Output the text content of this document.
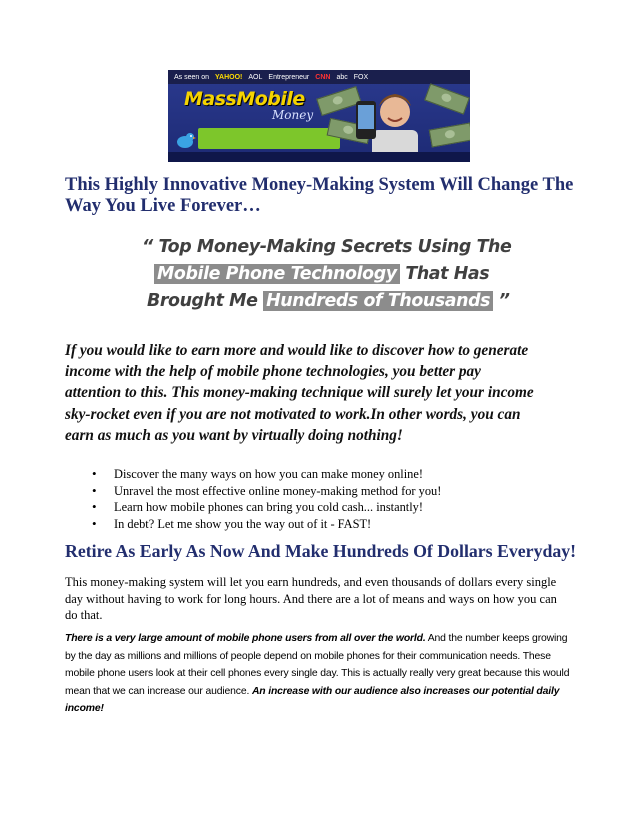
As seen on YAHOO! AOL Entrepreneur CNN abc FOX
MassMobile
Money
This Highly Innovative Money-Making System Will Change The Way You Live Forever…
“ Top Money-Making Secrets Using The
Mobile Phone Technology That Has
Brought Me Hundreds of Thousands ”

If you would like to earn more and would like to discover how to generate income with the help of mobile phone technologies, you better pay attention to this. This money-making technique will surely let your income sky-rocket even if you are not motivated to work.In other words, you can earn as much as you want by virtually doing nothing!

• Discover the many ways on how you can make money online!
• Unravel the most effective online money-making method for you!
• Learn how mobile phones can bring you cold cash... instantly!
• In debt? Let me show you the way out of it - FAST!
Retire As Early As Now And Make Hundreds Of Dollars Everyday!

This money-making system will let you earn hundreds, and even thousands of dollars every single day without having to work for long hours. And there are a lot of means and ways on how you can do that.

There is a very large amount of mobile phone users from all over the world. And the number keeps growing by the day as millions and millions of people depend on mobile phones for their communication needs. These mobile phone users look at their cell phones every single day. This is actually really very great because this would mean that we can increase our audience. An increase with our audience also increases our potential daily income!
